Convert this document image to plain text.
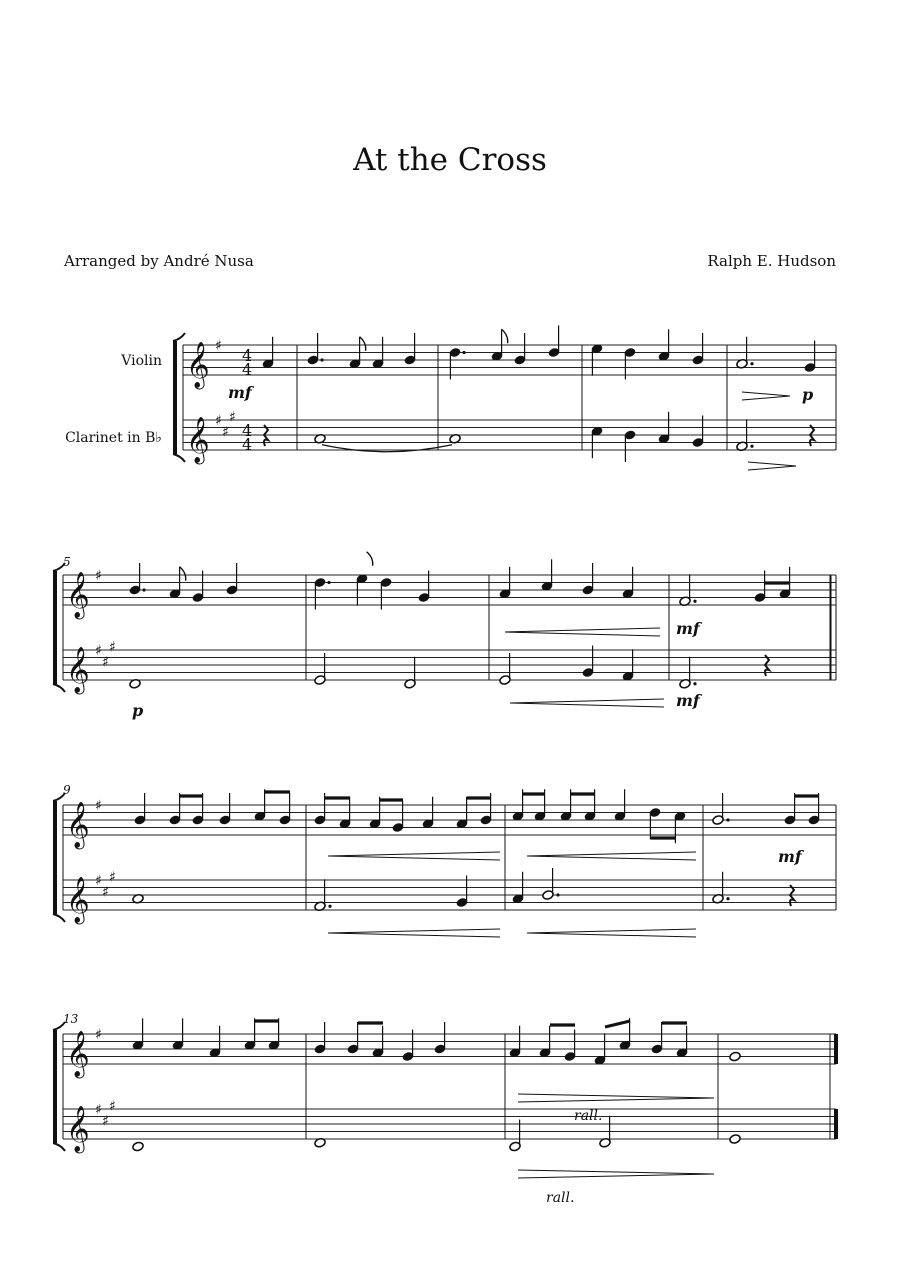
At the Cross
Arranged by André Nusa	Ralph E. Hudson
𝄞
𝄞
♯
♯
♯
♯
4
4
4
4
𝄞
𝄞
♯
♯
♯
♯
𝄞
𝄞
♯
♯
♯
♯
𝄞
𝄞
♯
♯
♯
♯
Violin
Clarinet in B♭
5
9
13
mf	p
p
mf
mf
mf
rall.
rall.
